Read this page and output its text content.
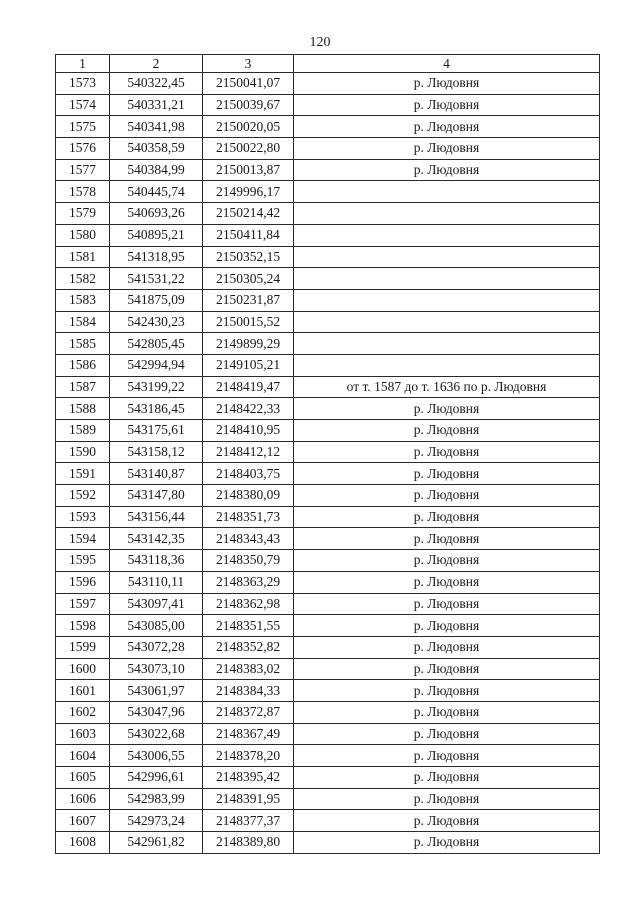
120
1	2	3	4
1573	540322,45	2150041,07	р. Людовня
1574	540331,21	2150039,67	р. Людовня
1575	540341,98	2150020,05	р. Людовня
1576	540358,59	2150022,80	р. Людовня
1577	540384,99	2150013,87	р. Людовня
1578	540445,74	2149996,17	
1579	540693,26	2150214,42	
1580	540895,21	2150411,84	
1581	541318,95	2150352,15	
1582	541531,22	2150305,24	
1583	541875,09	2150231,87	
1584	542430,23	2150015,52	
1585	542805,45	2149899,29	
1586	542994,94	2149105,21	
1587	543199,22	2148419,47	от т. 1587 до т. 1636 по р. Людовня
1588	543186,45	2148422,33	р. Людовня
1589	543175,61	2148410,95	р. Людовня
1590	543158,12	2148412,12	р. Людовня
1591	543140,87	2148403,75	р. Людовня
1592	543147,80	2148380,09	р. Людовня
1593	543156,44	2148351,73	р. Людовня
1594	543142,35	2148343,43	р. Людовня
1595	543118,36	2148350,79	р. Людовня
1596	543110,11	2148363,29	р. Людовня
1597	543097,41	2148362,98	р. Людовня
1598	543085,00	2148351,55	р. Людовня
1599	543072,28	2148352,82	р. Людовня
1600	543073,10	2148383,02	р. Людовня
1601	543061,97	2148384,33	р. Людовня
1602	543047,96	2148372,87	р. Людовня
1603	543022,68	2148367,49	р. Людовня
1604	543006,55	2148378,20	р. Людовня
1605	542996,61	2148395,42	р. Людовня
1606	542983,99	2148391,95	р. Людовня
1607	542973,24	2148377,37	р. Людовня
1608	542961,82	2148389,80	р. Людовня
